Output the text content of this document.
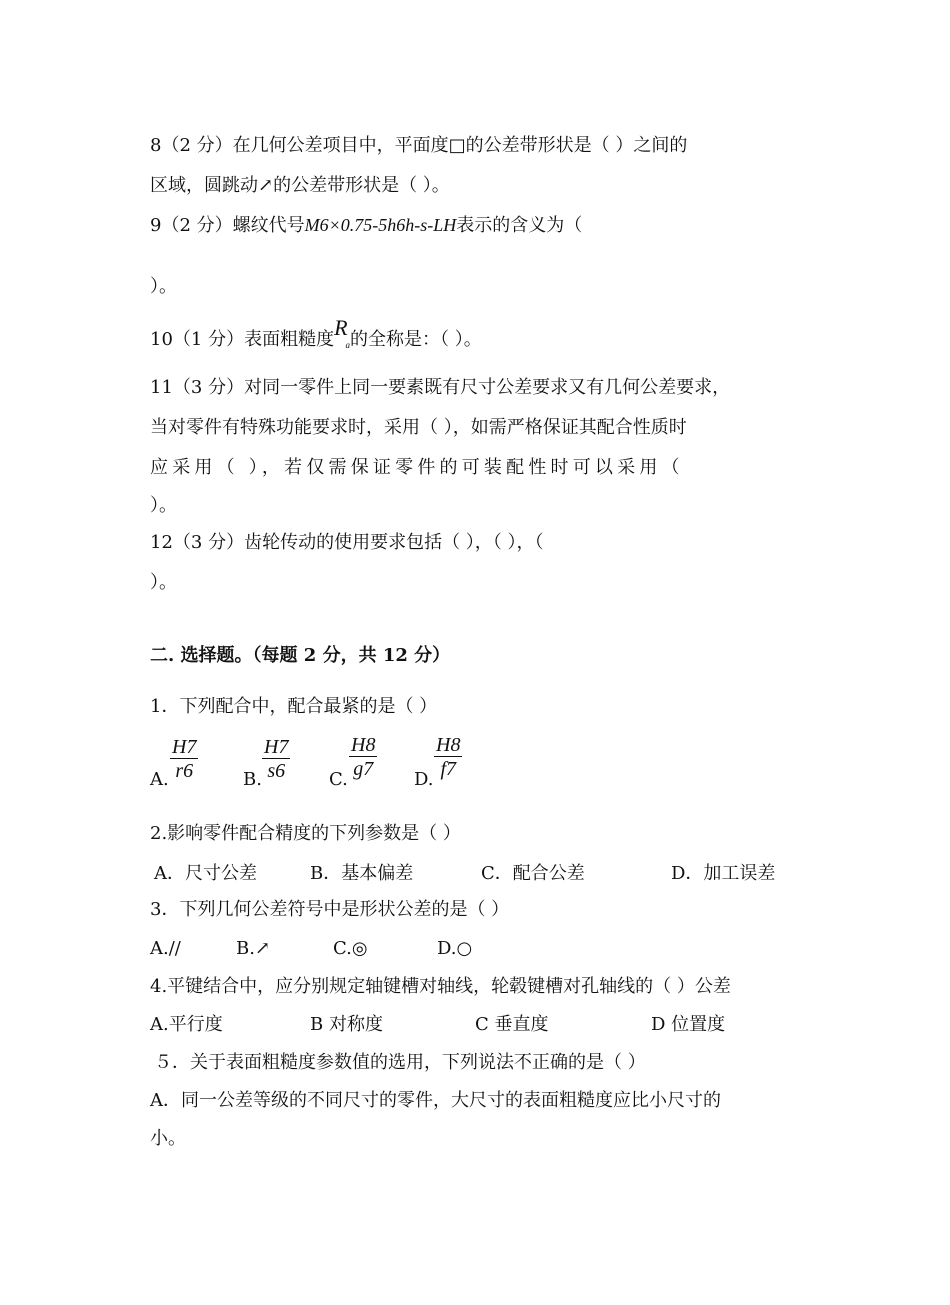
8（2 分）在几何公差项目中，平面度□的公差带形状是（ ）之间的
区域，圆跳动↗的公差带形状是（ ）。
9（2 分）螺纹代号M6×0.75‐5h6h‐s‐LH表示的含义为（
）。
10（1 分）表面粗糙度Ra的全称是：（ ）。
11（3 分）对同一零件上同一要素既有尺寸公差要求又有几何公差要求，
当对零件有特殊功能要求时，采用（ ），如需严格保证其配合性质时
应采用（ ），若仅需保证零件的可装配性时可以采用（
）。
12（3 分）齿轮传动的使用要求包括（ ），（ ），（
）。
二. 选择题。（每题 2 分，共 12 分）
1．下列配合中，配合最紧的是（ ）
A. $\frac{H7}{r6} B$. $\frac{H7}{s6} C$. $\frac{H8}{g7} D$. $\frac{H8}{f7}$
2.影响零件配合精度的下列参数是（ ）
A．尺寸公差	B．基本偏差	C．配合公差	D．加工误差
3．下列几何公差符号中是形状公差的是（ ）
A.//	B.↗	C.◎	D.○
4.平键结合中，应分别规定轴键槽对轴线，轮毂键槽对孔轴线的（ ）公差
A.平行度	B 对称度	C 垂直度	D 位置度
５．关于表面粗糙度参数值的选用，下列说法不正确的是（ ）
A．同一公差等级的不同尺寸的零件，大尺寸的表面粗糙度应比小尺寸的
小。
